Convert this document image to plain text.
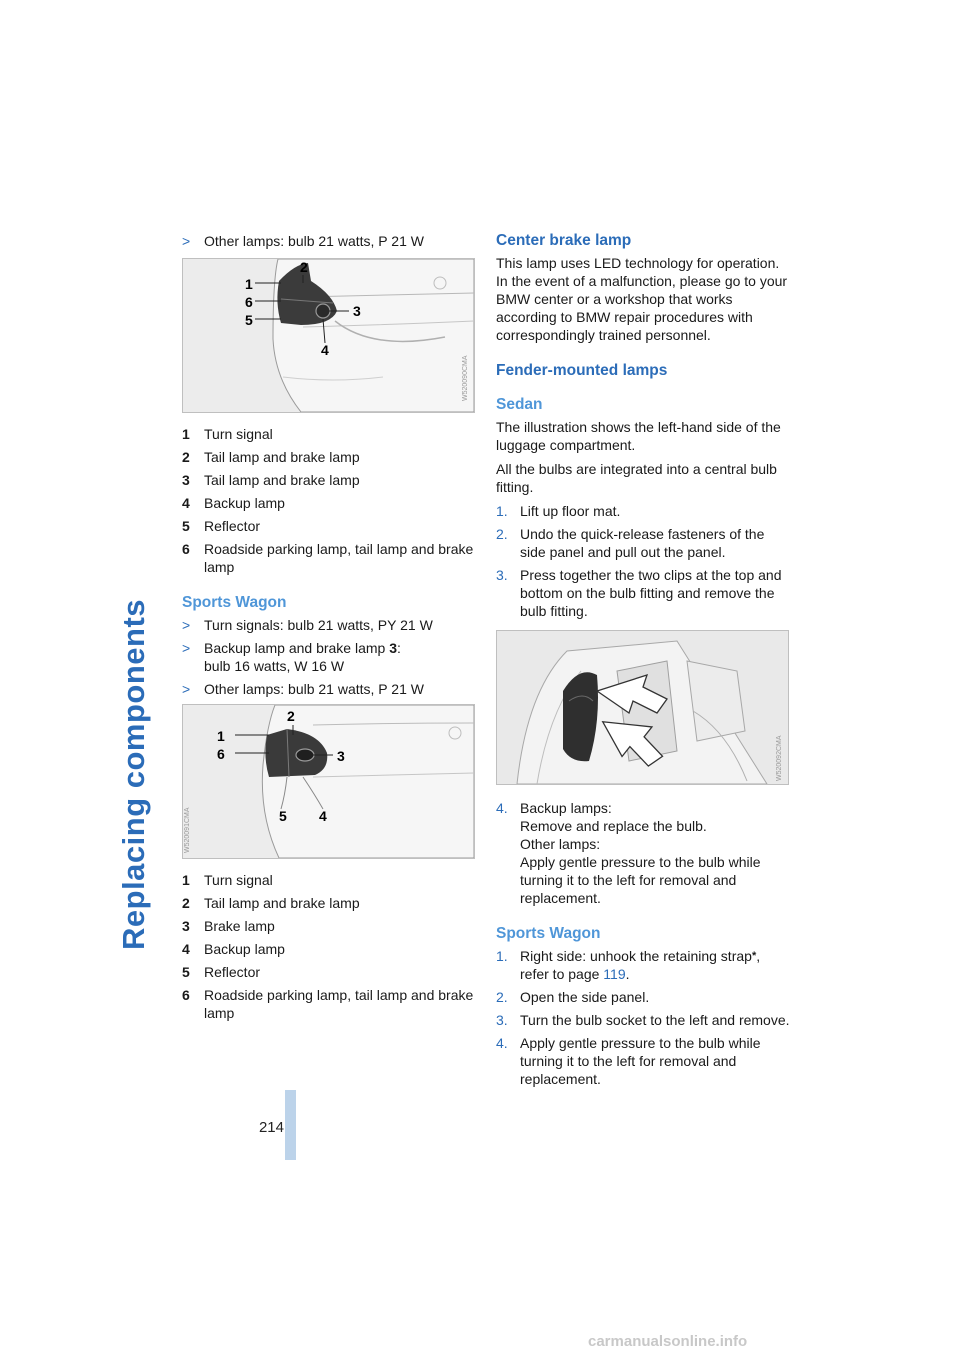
Replacing components
> Other lamps: bulb 21 watts, P 21 W
1
2
3
4
5
6
W520090CMA
1 Turn signal
2 Tail lamp and brake lamp
3 Tail lamp and brake lamp
4 Backup lamp
5 Reflector
6 Roadside parking lamp, tail lamp and brake lamp
Sports Wagon
> Turn signals: bulb 21 watts, PY 21 W
> Backup lamp and brake lamp 3:
bulb 16 watts, W 16 W
> Other lamps: bulb 21 watts, P 21 W
1
2
3
4
5
6
W520091CMA
1 Turn signal
2 Tail lamp and brake lamp
3 Brake lamp
4 Backup lamp
5 Reflector
6 Roadside parking lamp, tail lamp and brake lamp
Center brake lamp

This lamp uses LED technology for operation. In the event of a malfunction, please go to your BMW center or a workshop that works according to BMW repair procedures with correspondingly trained personnel.

Fender-mounted lamps
Sedan

The illustration shows the left-hand side of the luggage compartment.

All the bulbs are integrated into a central bulb fitting.

1. Lift up floor mat.
2. Undo the quick-release fasteners of the side panel and pull out the panel.
3. Press together the two clips at the top and bottom on the bulb fitting and remove the bulb fitting.
W520092CMA
4. Backup lamps:
Remove and replace the bulb.
Other lamps:
Apply gentle pressure to the bulb while turning it to the left for removal and replacement.
Sports Wagon
1. Right side: unhook the retaining strap*,
refer to page 119.
2. Open the side panel.
3. Turn the bulb socket to the left and remove.
4. Apply gentle pressure to the bulb while turning it to the left for removal and replacement.
214
carmanualsonline.info
